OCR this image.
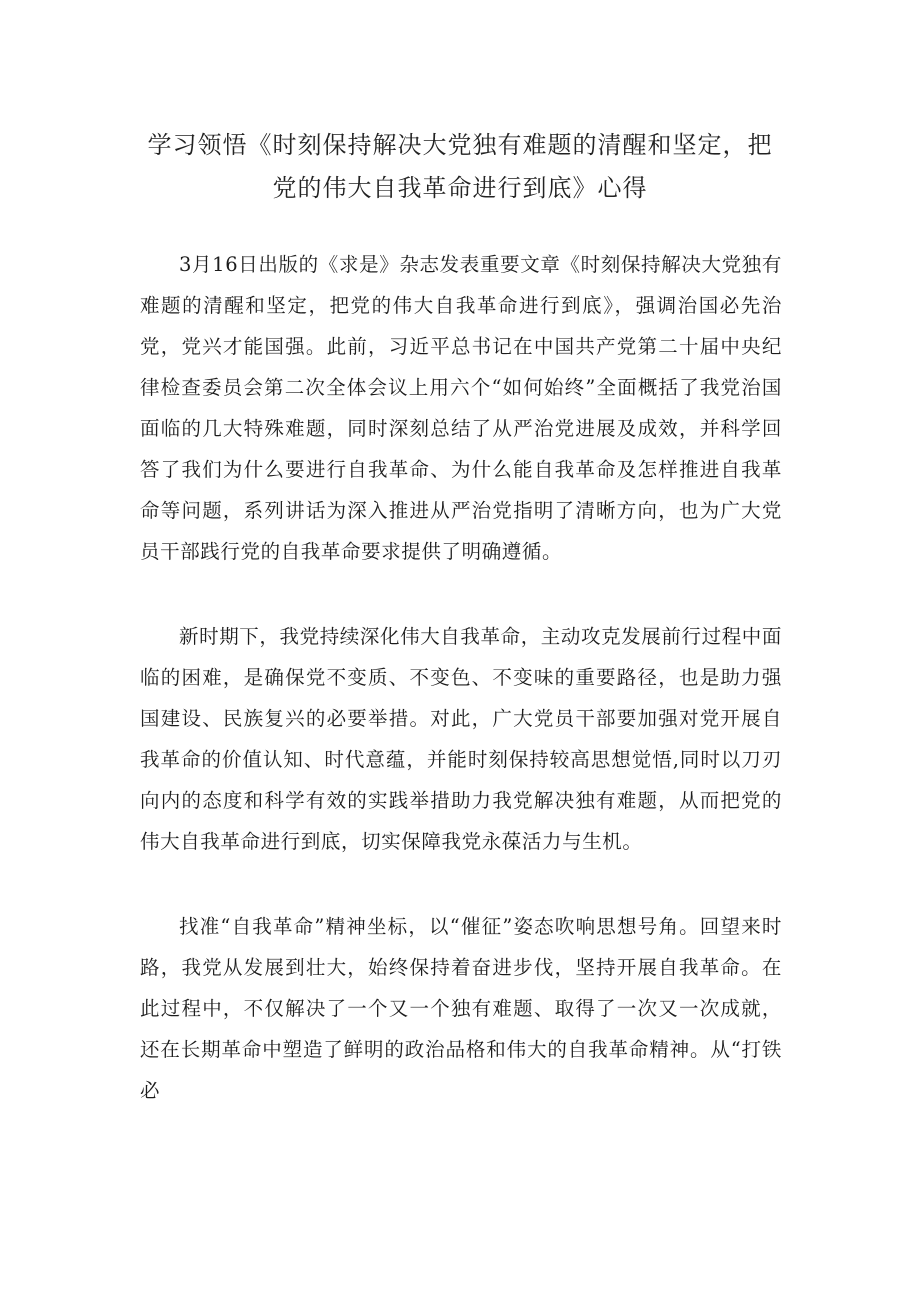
学习领悟《时刻保持解决大党独有难题的清醒和坚定，把
党的伟大自我革命进行到底》心得

3月16日出版的《求是》杂志发表重要文章《时刻保持解决大党独有难题的清醒和坚定，把党的伟大自我革命进行到底》，强调治国必先治党，党兴才能国强。此前，习近平总书记在中国共产党第二十届中央纪律检查委员会第二次全体会议上用六个“如何始终”全面概括了我党治国面临的几大特殊难题，同时深刻总结了从严治党进展及成效，并科学回答了我们为什么要进行自我革命、为什么能自我革命及怎样推进自我革命等问题，系列讲话为深入推进从严治党指明了清晰方向，也为广大党员干部践行党的自我革命要求提供了明确遵循。

新时期下，我党持续深化伟大自我革命，主动攻克发展前行过程中面临的困难，是确保党不变质、不变色、不变味的重要路径，也是助力强国建设、民族复兴的必要举措。对此，广大党员干部要加强对党开展自我革命的价值认知、时代意蕴，并能时刻保持较高思想觉悟,同时以刀刃向内的态度和科学有效的实践举措助力我党解决独有难题，从而把党的伟大自我革命进行到底，切实保障我党永葆活力与生机。

找准“自我革命”精神坐标，以“催征”姿态吹响思想号角。回望来时路，我党从发展到壮大，始终保持着奋进步伐，坚持开展自我革命。在此过程中，不仅解决了一个又一个独有难题、取得了一次又一次成就，还在长期革命中塑造了鲜明的政治品格和伟大的自我革命精神。从“打铁必
